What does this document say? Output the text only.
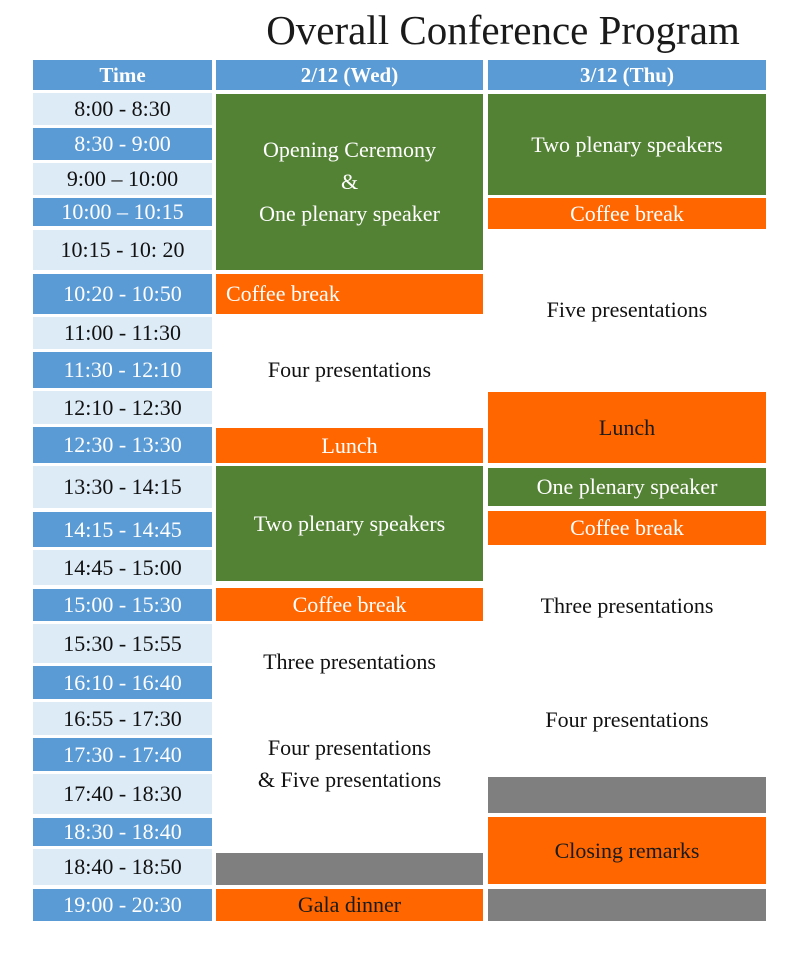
Overall Conference Program
Time	2/12 (Wed)	3/12 (Thu)
8:00 - 8:30
8:30 - 9:00
9:00 – 10:00
10:00 – 10:15
10:15 - 10: 20
10:20 - 10:50
11:00 - 11:30
11:30 - 12:10
12:10 - 12:30
12:30 - 13:30
13:30 - 14:15
14:15 - 14:45
14:45 - 15:00
15:00 - 15:30
15:30 - 15:55
16:10 - 16:40
16:55 - 17:30
17:30 - 17:40
17:40 - 18:30
18:30 - 18:40
18:40 - 18:50
19:00 - 20:30
Opening Ceremony
&
One plenary speaker
Coffee break
Four presentations
Lunch
Two plenary speakers
Coffee break
Three presentations
Four presentations
& Five presentations
Gala dinner
Two plenary speakers
Coffee break
Five presentations
Lunch
One plenary speaker
Coffee break
Three presentations
Four presentations
Closing remarks
